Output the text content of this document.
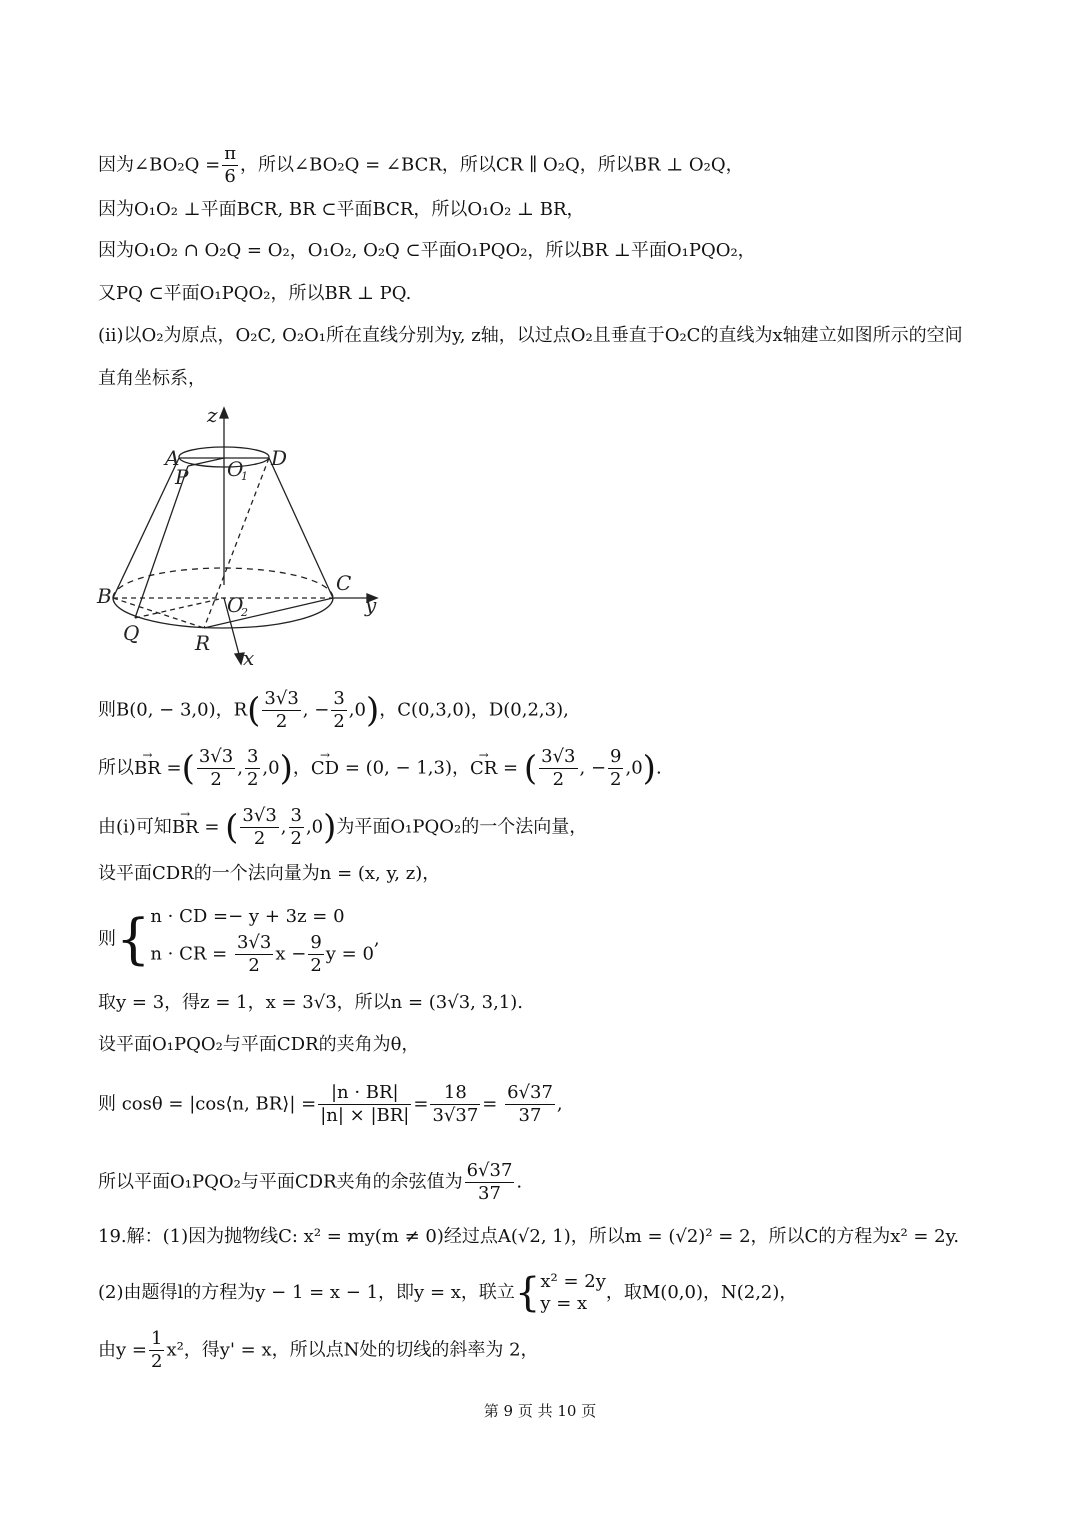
因为∠BO₂Q = $\frac{\pi}{6}$ ，所以∠BO₂Q = ∠BCR，所以CR ∥ O₂Q，所以BR ⊥ O₂Q，
因为O₁O₂ ⊥平面BCR, BR ⊂平面BCR，所以O₁O₂ ⊥ BR，
因为O₁O₂ ∩ O₂Q = O₂，O₁O₂, O₂Q ⊂平面O₁PQO₂，所以BR ⊥平面O₁PQO₂，
又PQ ⊂平面O₁PQO₂，所以BR ⊥ PQ.
(ii)以O₂为原点，O₂C, O₂O₁所在直线分别为y, z轴，以过点O₂且垂直于O₂C的直线为x轴建立如图所示的空间
直角坐标系，
z
A	D
P O
1
B
C
y
O
2
Q	R
x
则B(0, − 3,0)，$R( \frac{3√3}{2}$ , − $\frac{3}{2} ,0$)，C(0,3,0)，D(0,2,3),
所以→ BR =( $\frac{3√3}{2}$ , $\frac{3}{2} ,0$)，→ CD = (0, − 1,3)，→ CR = ( $\frac{3√3}{2}$ , − $\frac{9}{2} ,0$).
由(i)可知→ BR = ( $\frac{3√3}{2}$ , $\frac{3}{2} ,0$)为平面O₁PQO₂的一个法向量，
设平面CDR的一个法向量为n = (x, y, z)，
则{ n · CD =− y + 3z = 0
n · CR = $\frac{3√3}{2}$ $x - \frac{9}{2}$ y = 0
,
取y = 3，得z = 1，x = 3√3，所以n = (3√3, 3,1).
设平面O₁PQO₂与平面CDR的夹角为θ，
则 cosθ = |cos⟨n, BR⟩| = $\frac{|n \cdot BR|}{|n| \times |BR|} = \frac{18}{3√37} = \frac{6√37}{37}$ ,
所以平面O₁PQO₂与平面CDR夹角的余弦值为 $\frac{6√37}{37}$ .
19.解：(1)因为抛物线C: x² = my(m ≠ 0)经过点A(√2, 1)，所以m = (√2)² = 2，所以C的方程为x² = 2y.
(2)由题得l的方程为y − 1 = x − 1，即y = x，联立{ x² = 2y
y = x
，取M(0,0)，N(2,2)，
由$y = \frac{1}{2} x^2$，得y' = x，所以点N处的切线的斜率为 2，
第 9 页 共 10 页
